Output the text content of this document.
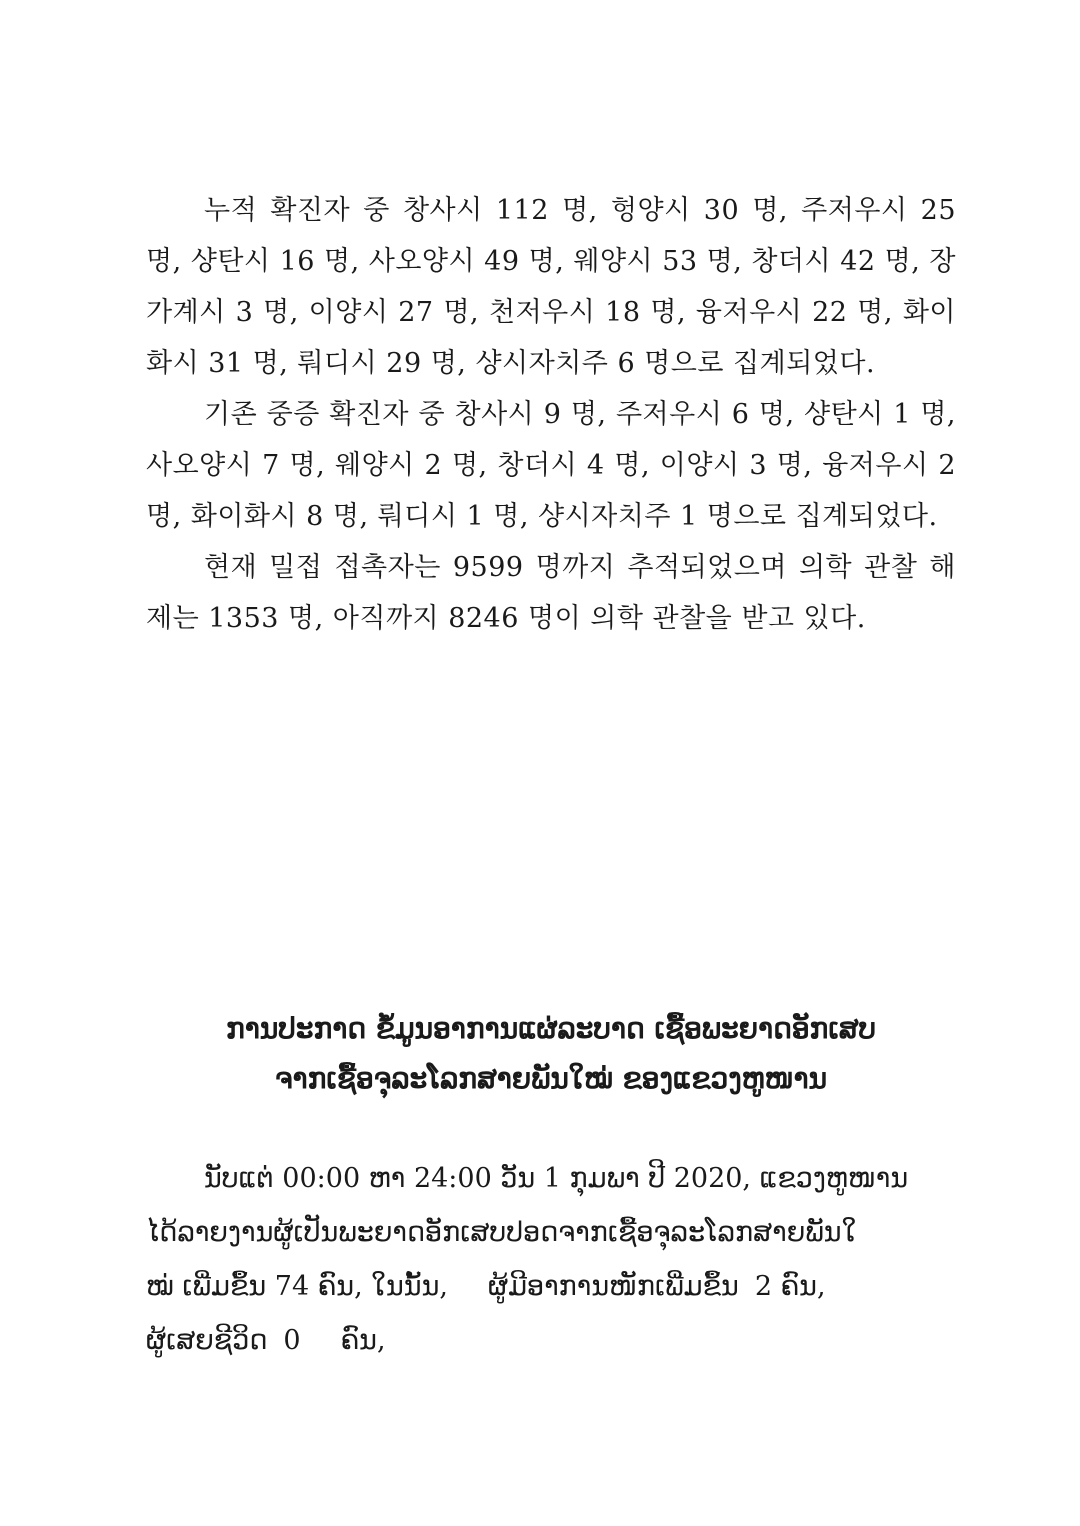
누적 확진자 중 창사시 112 명, 헝양시 30 명, 주저우시 25 명, 샹탄시 16 명, 사오양시 49 명, 웨양시 53 명, 창더시 42 명, 장가계시 3 명, 이양시 27 명, 천저우시 18 명, 융저우시 22 명, 화이화시 31 명, 뤄디시 29 명, 샹시자치주 6 명으로 집계되었다.

기존 중증 확진자 중 창사시 9 명, 주저우시 6 명, 샹탄시 1 명, 사오양시 7 명, 웨양시 2 명, 창더시 4 명, 이양시 3 명, 융저우시 2 명, 화이화시 8 명, 뤄디시 1 명, 샹시자치주 1 명으로 집계되었다.

현재 밀접 접촉자는 9599 명까지 추적되었으며 의학 관찰 해제는 1353 명, 아직까지 8246 명이 의학 관찰을 받고 있다.

ການປະກາດ ຂໍ້ມູນອາການແຜ່ລະບາດ ເຊື້ອພະຍາດອັກເສບ
ຈາກເຊື້ອຈຸລະໂລກສາຍພັນໃໝ່ ຂອງແຂວງຫູໜານ
ນັບແຕ່ 00:00 ຫາ 24:00 ວັນ 1 ກຸມພາ ປີ 2020, ແຂວງຫູໜານ
ໄດ້ລາຍງານຜູ້ເປັນພະຍາດອັກເສບປອດຈາກເຊື້ອຈຸລະໂລກສາຍພັນໃ
ໝ່ ເພີ່ມຂຶ້ນ 74 ຄົນ, ໃນນັ້ນ, ຜູ້ມີອາການໜັກເພີ່ມຂຶ້ນ 2 ຄົນ,
ຜູ້ເສຍຊີວິດ 0 ຄົນ,
